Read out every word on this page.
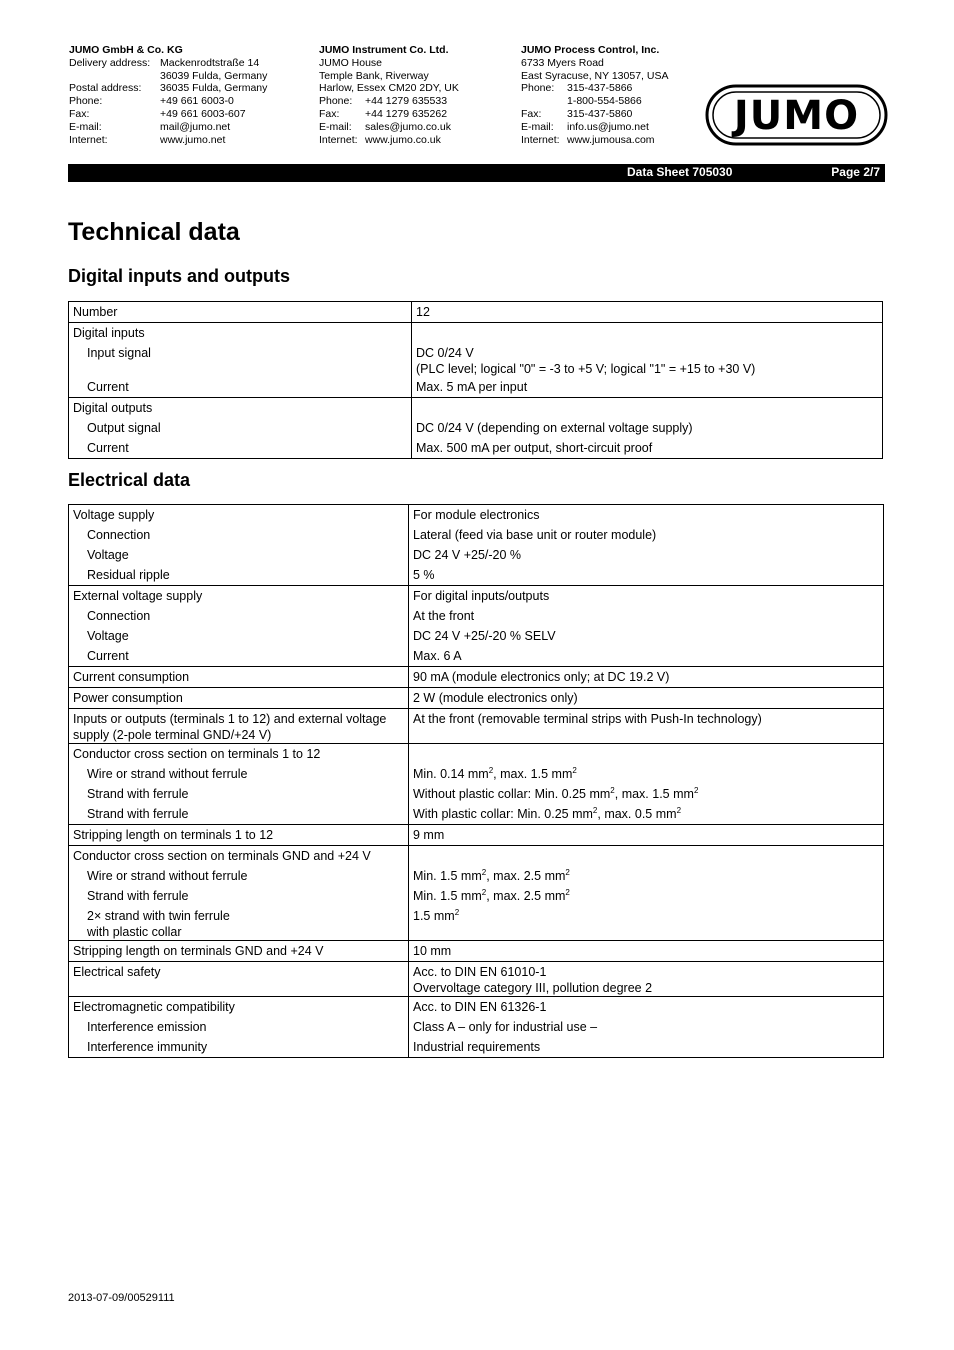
JUMO GmbH & Co. KG
Delivery address: Mackenrodtstraße 14
36039 Fulda, Germany
Postal address:	36035 Fulda, Germany
Phone:	+49 661 6003-0
Fax:	+49 661 6003-607
E-mail:	mail@jumo.net
Internet:	www.jumo.net
JUMO Instrument Co. Ltd.
JUMO House
Temple Bank, Riverway
Harlow, Essex CM20 2DY, UK
Phone:	+44 1279 635533
Fax:	+44 1279 635262
E-mail:	sales@jumo.co.uk
Internet: www.jumo.co.uk
JUMO Process Control, Inc.
6733 Myers Road
East Syracuse, NY 13057, USA
Phone:	315-437-5866
1-800-554-5866
Fax:	315-437-5860
E-mail:	info.us@jumo.net
Internet: www.jumousa.com
JUMO
Data Sheet 705030	Page 2/7
Technical data
Digital inputs and outputs
Number	12

Digital inputs	

Input signal	DC 0/24 V
(PLC level; logical "0" = -3 to +5 V; logical "1" = +15 to +30 V)

Current	Max. 5 mA per input

Digital outputs	

Output signal	DC 0/24 V (depending on external voltage supply)

Current	Max. 500 mA per output, short-circuit proof
Electrical data
Voltage supply	For module electronics

Connection	Lateral (feed via base unit or router module)

Voltage	DC 24 V +25/-20 %

Residual ripple	5 %

External voltage supply	For digital inputs/outputs

Connection	At the front

Voltage	DC 24 V +25/-20 % SELV

Current	Max. 6 A

Current consumption	90 mA (module electronics only; at DC 19.2 V)

Power consumption	2 W (module electronics only)

Inputs or outputs (terminals 1 to 12) and external voltage
supply (2-pole terminal GND/+24 V)	At the front (removable terminal strips with Push-In technology)

Conductor cross section on terminals 1 to 12	

Wire or strand without ferrule	Min. 0.14 $mm^2$, max. 1.5 $mm^2$

Strand with ferrule	Without plastic collar: Min. 0.25 $mm^2$, max. 1.5 $mm^2$

Strand with ferrule	With plastic collar: Min. 0.25 $mm^2$, max. 0.5 $mm^2$

Stripping length on terminals 1 to 12	9 mm

Conductor cross section on terminals GND and +24 V	

Wire or strand without ferrule	Min. 1.5 $mm^2$, max. 2.5 $mm^2$

Strand with ferrule	Min. 1.5 $mm^2$, max. 2.5 $mm^2$

2× strand with twin ferrule
with plastic collar	1.5 $mm^2$

Stripping length on terminals GND and +24 V	10 mm

Electrical safety	Acc. to DIN EN 61010-1
Overvoltage category III, pollution degree 2

Electromagnetic compatibility	Acc. to DIN EN 61326-1

Interference emission	Class A – only for industrial use –

Interference immunity	Industrial requirements
2013-07-09/00529111
